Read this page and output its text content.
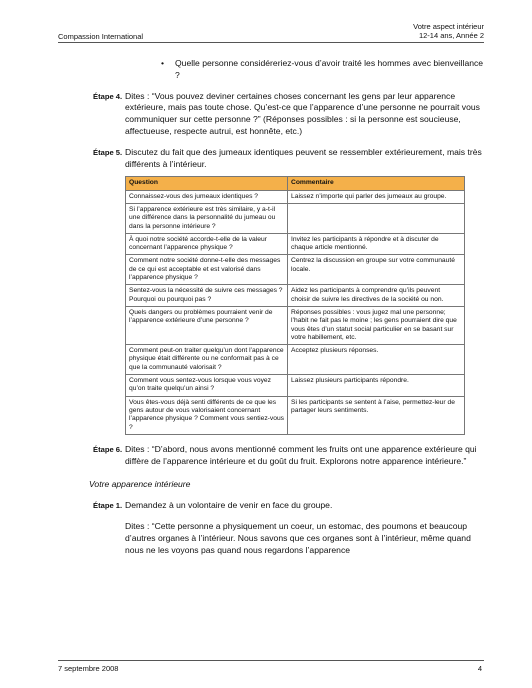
Compassion International
Votre aspect intérieur
12-14 ans, Année 2
•	Quelle personne considéreriez-vous d’avoir traité les hommes avec bienveillance ?
Étape 4. Dites : “Vous pouvez deviner certaines choses concernant les gens par leur apparence extérieure, mais pas toute chose. Qu’est-ce que l’apparence d’une personne ne pourrait vous communiquer sur cette personne ?” (Réponses possibles : si la personne est soucieuse, affectueuse, respecte autrui, est honnête, etc.)
Étape 5. Discutez du fait que des jumeaux identiques peuvent se ressembler extérieurement, mais très différents à l’intérieur.
Question	Commentaire
Connaissez-vous des jumeaux identiques ?	Laissez n’importe qui parler des jumeaux au groupe.
Si l’apparence extérieure est très similaire, y a-t-il une différence dans la personnalité du jumeau ou dans la personne intérieure ?	
À quoi notre société accorde-t-elle de la valeur concernant l’apparence physique ?	Invitez les participants à répondre et à discuter de chaque article mentionné.
Comment notre société donne-t-elle des messages de ce qui est acceptable et est valorisé dans l’apparence physique ?	Centrez la discussion en groupe sur votre communauté locale.
Sentez-vous la nécessité de suivre ces messages ? Pourquoi ou pourquoi pas ?	Aidez les participants à comprendre qu’ils peuvent choisir de suivre les directives de la société ou non.
Quels dangers ou problèmes pourraient venir de l’apparence extérieure d’une personne ?	Réponses possibles : vous jugez mal une personne; l’habit ne fait pas le moine ; les gens pourraient dire que vous êtes d’un statut social particulier en se basant sur votre habillement, etc.
Comment peut-on traiter quelqu’un dont l’apparence physique était différente ou ne conformait pas à ce que la communauté valorisait ?	Acceptez plusieurs réponses.
Comment vous sentez-vous lorsque vous voyez qu’on traite quelqu’un ainsi ?	Laissez plusieurs participants répondre.
Vous êtes-vous déjà senti différents de ce que les gens autour de vous valorisaient concernant l’apparence physique ? Comment vous sentiez-vous ?	Si les participants se sentent à l’aise, permettez-leur de partager leurs sentiments.
Étape 6. Dites : “D’abord, nous avons mentionné comment les fruits ont une apparence extérieure qui diffère de l’apparence intérieure et du goût du fruit. Explorons notre apparence intérieure.”
Votre apparence intérieure
Étape 1. Demandez à un volontaire de venir en face du groupe.
Dites : “Cette personne a physiquement un coeur, un estomac, des poumons et beaucoup d’autres organes à l’intérieur. Nous savons que ces organes sont à l’intérieur, même quand nous ne les voyons pas quand nous regardons l’apparence
7 septembre 2008	4
